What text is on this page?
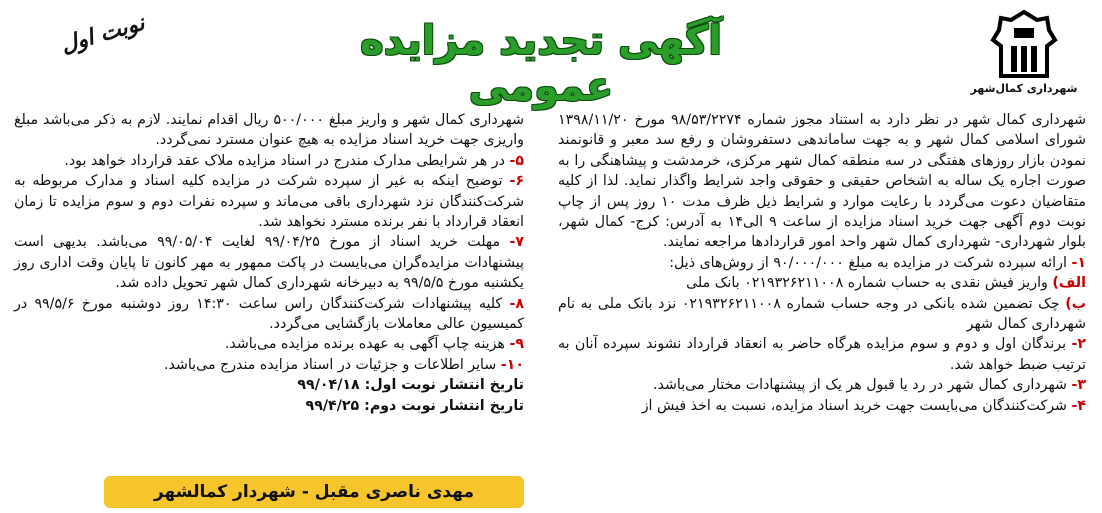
شهرداری کمال‌شهر
آگهی تجدید مزایده عمومی
نوبت اول

شهرداری کمال شهر در نظر دارد به استناد مجوز شماره ۹۸/۵۳/۲۲۷۴ مورخ ۱۳۹۸/۱۱/۲۰ شورای اسلامی کمال شهر و به جهت ساماندهی دستفروشان و رفع سد معبر و قانونمند نمودن بازار روزهای هفتگی در سه منطقه کمال شهر مرکزی، خرمدشت و پیشاهنگی را به صورت اجاره یک ساله به اشخاص حقیقی و حقوقی واجد شرایط واگذار نماید. لذا از کلیه متقاضیان دعوت می‌گردد با رعایت موارد و شرایط ذیل ظرف مدت ۱۰ روز پس از چاپ نوبت دوم آگهی جهت خرید اسناد مزایده از ساعت ۹ الی۱۴ به آدرس: کرج- کمال شهر، بلوار شهرداری- شهرداری کمال شهر واحد امور قراردادها مراجعه نمایند.

۱- ارائه سپرده شرکت در مزایده به مبلغ ۹۰/۰۰۰/۰۰۰ از روش‌های ذیل:

الف) واریز فیش نقدی به حساب شماره ۰۲۱۹۳۲۶۲۱۱۰۰۸ بانک ملی

ب) چک تضمین شده بانکی در وجه حساب شماره ۰۲۱۹۳۲۶۲۱۱۰۰۸ نزد بانک ملی به نام شهرداری کمال شهر

۲- برندگان اول و دوم و سوم مزایده هرگاه حاضر به انعقاد قرارداد نشوند سپرده آنان به ترتیب ضبط خواهد شد.

۳- شهرداری کمال شهر در رد یا قبول هر یک از پیشنهادات مختار می‌باشد.

۴- شرکت‌کنندگان می‌بایست جهت خرید اسناد مزایده، نسبت به اخذ فیش از

شهرداری کمال شهر و واریز مبلغ ۵۰۰/۰۰۰ ریال اقدام نمایند. لازم به ذکر می‌باشد مبلغ واریزی جهت خرید اسناد مزایده به هیچ عنوان مسترد نمی‌گردد.

۵- در هر شرایطی مدارک مندرج در اسناد مزایده ملاک عقد قرارداد خواهد بود.

۶- توضیح اینکه به غیر از سپرده شرکت در مزایده کلیه اسناد و مدارک مربوطه به شرکت‌کنندگان نزد شهرداری باقی می‌ماند و سپرده نفرات دوم و سوم مزایده تا زمان انعقاد قرارداد با نفر برنده مسترد نخواهد شد.

۷- مهلت خرید اسناد از مورخ ۹۹/۰۴/۲۵ لغایت ۹۹/۰۵/۰۴ می‌باشد. بدیهی است پیشنهادات مزایده‌گران می‌بایست در پاکت ممهور به مهر کانون تا پایان وقت اداری روز یکشنبه مورخ ۹۹/۵/۵ به دبیرخانه شهرداری کمال شهر تحویل داده شد.

۸- کلیه پیشنهادات شرکت‌کنندگان راس ساعت ۱۴:۳۰ روز دوشنبه مورخ ۹۹/۵/۶ در کمیسیون عالی معاملات بازگشایی می‌گردد.

۹- هزینه چاپ آگهی به عهده برنده مزایده می‌باشد.

۱۰- سایر اطلاعات و جزئیات در اسناد مزایده مندرج می‌باشد.

تاریخ انتشار نوبت اول: ۹۹/۰۴/۱۸

تاریخ انتشار نوبت دوم: ۹۹/۴/۲۵

مهدی ناصری مقبل - شهردار کمالشهر
